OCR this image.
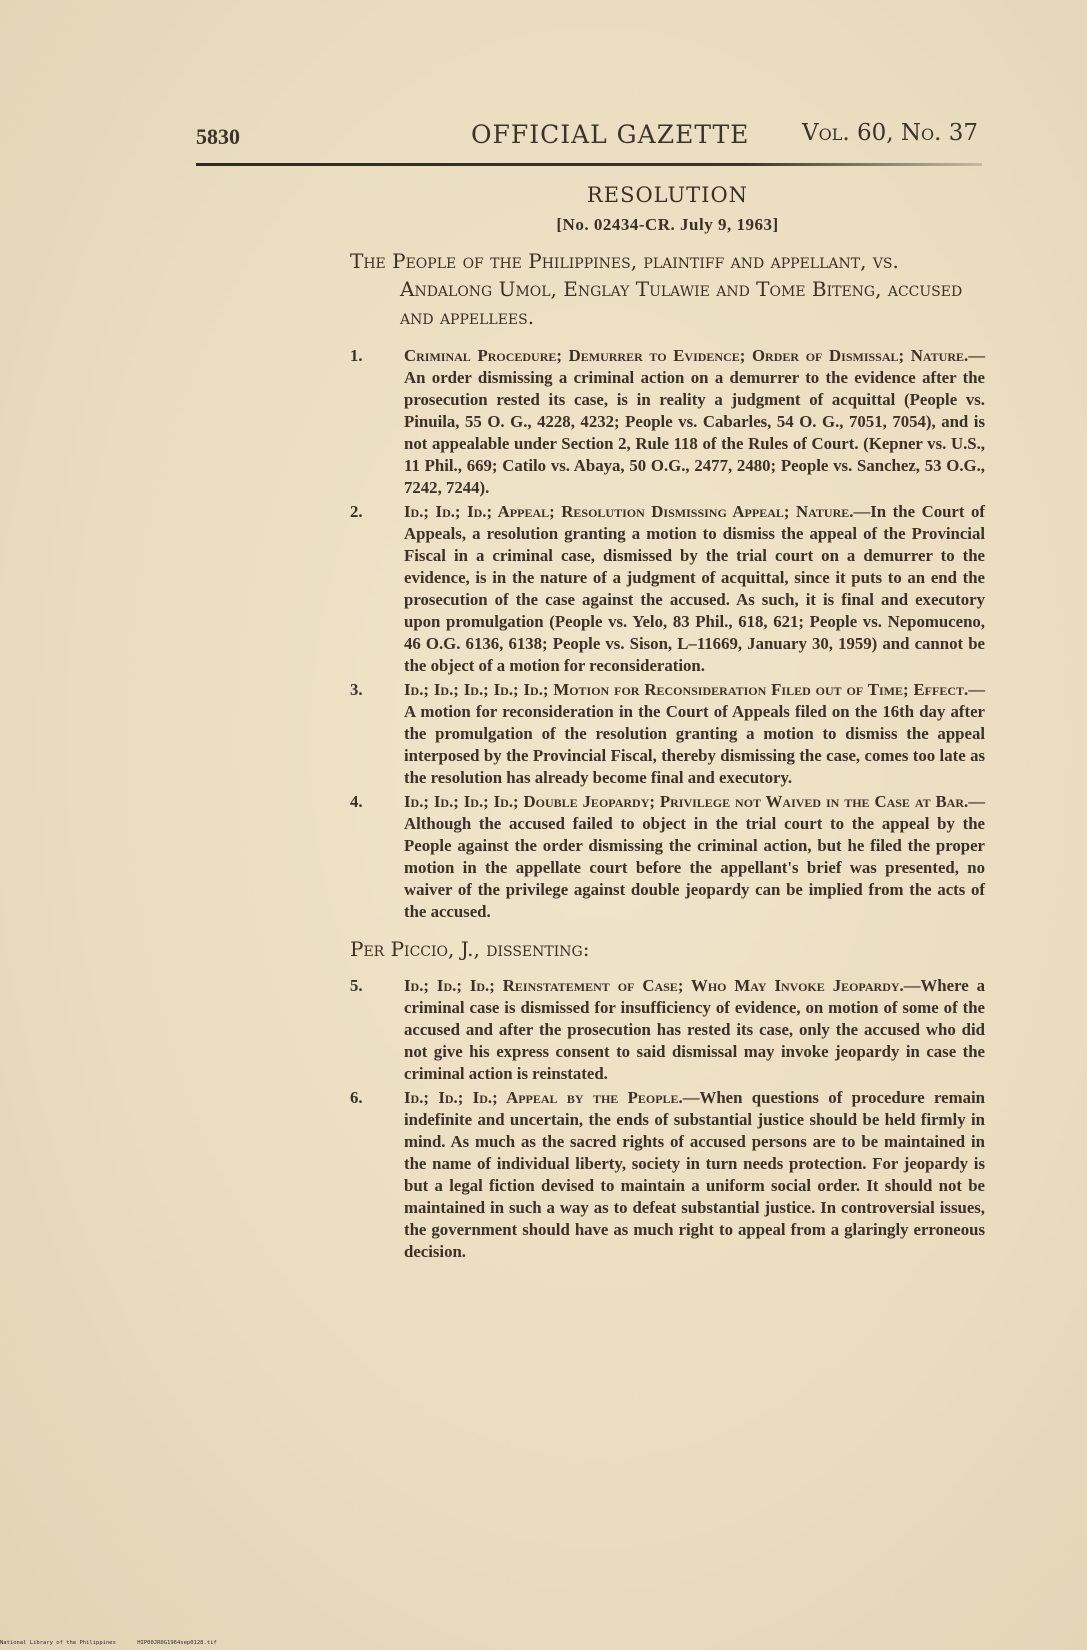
5830	OFFICIAL GAZETTE Vol. 60, No. 37
RESOLUTION
[No. 02434-CR. July 9, 1963]
The People of the Philippines, plaintiff and appellant, vs. Andalong Umol, Englay Tulawie and Tome Biteng, accused and appellees.
1. Criminal Procedure; Demurrer to Evidence; Order of Dismissal; Nature.—An order dismissing a criminal action on a demurrer to the evidence after the prosecution rested its case, is in reality a judgment of acquittal (People vs. Pinuila, 55 O. G., 4228, 4232; People vs. Cabarles, 54 O. G., 7051, 7054), and is not appealable under Section 2, Rule 118 of the Rules of Court. (Kepner vs. U.S., 11 Phil., 669; Catilo vs. Abaya, 50 O.G., 2477, 2480; People vs. Sanchez, 53 O.G., 7242, 7244).
2. Id.; Id.; Id.; Appeal; Resolution Dismissing Appeal; Nature.—In the Court of Appeals, a resolution granting a motion to dismiss the appeal of the Provincial Fiscal in a criminal case, dismissed by the trial court on a demurrer to the evidence, is in the nature of a judgment of acquittal, since it puts to an end the prosecution of the case against the accused. As such, it is final and executory upon promulgation (People vs. Yelo, 83 Phil., 618, 621; People vs. Nepomuceno, 46 O.G. 6136, 6138; People vs. Sison, L–11669, January 30, 1959) and cannot be the object of a motion for reconsideration.
3. Id.; Id.; Id.; Id.; Id.; Motion for Reconsideration Filed out of Time; Effect.—A motion for reconsideration in the Court of Appeals filed on the 16th day after the promulgation of the resolution granting a motion to dismiss the appeal interposed by the Provincial Fiscal, thereby dismissing the case, comes too late as the resolution has already become final and executory.
4. Id.; Id.; Id.; Id.; Double Jeopardy; Privilege not Waived in the Case at Bar.—Although the accused failed to object in the trial court to the appeal by the People against the order dismissing the criminal action, but he filed the proper motion in the appellate court before the appellant's brief was presented, no waiver of the privilege against double jeopardy can be implied from the acts of the accused.
Per Piccio, J., dissenting:
5. Id.; Id.; Id.; Reinstatement of Case; Who May Invoke Jeopardy.—Where a criminal case is dismissed for insufficiency of evidence, on motion of some of the accused and after the prosecution has rested its case, only the accused who did not give his express consent to said dismissal may invoke jeopardy in case the criminal action is reinstated.
6. Id.; Id.; Id.; Appeal by the People.—When questions of procedure remain indefinite and uncertain, the ends of substantial justice should be held firmly in mind. As much as the sacred rights of accused persons are to be maintained in the name of individual liberty, society in turn needs protection. For jeopardy is but a legal fiction devised to maintain a uniform social order. It should not be maintained in such a way as to defeat substantial justice. In controversial issues, the government should have as much right to appeal from a glaringly erroneous decision.
National Library of the Philippines	HIP00JR0G1964sep0128.tif
